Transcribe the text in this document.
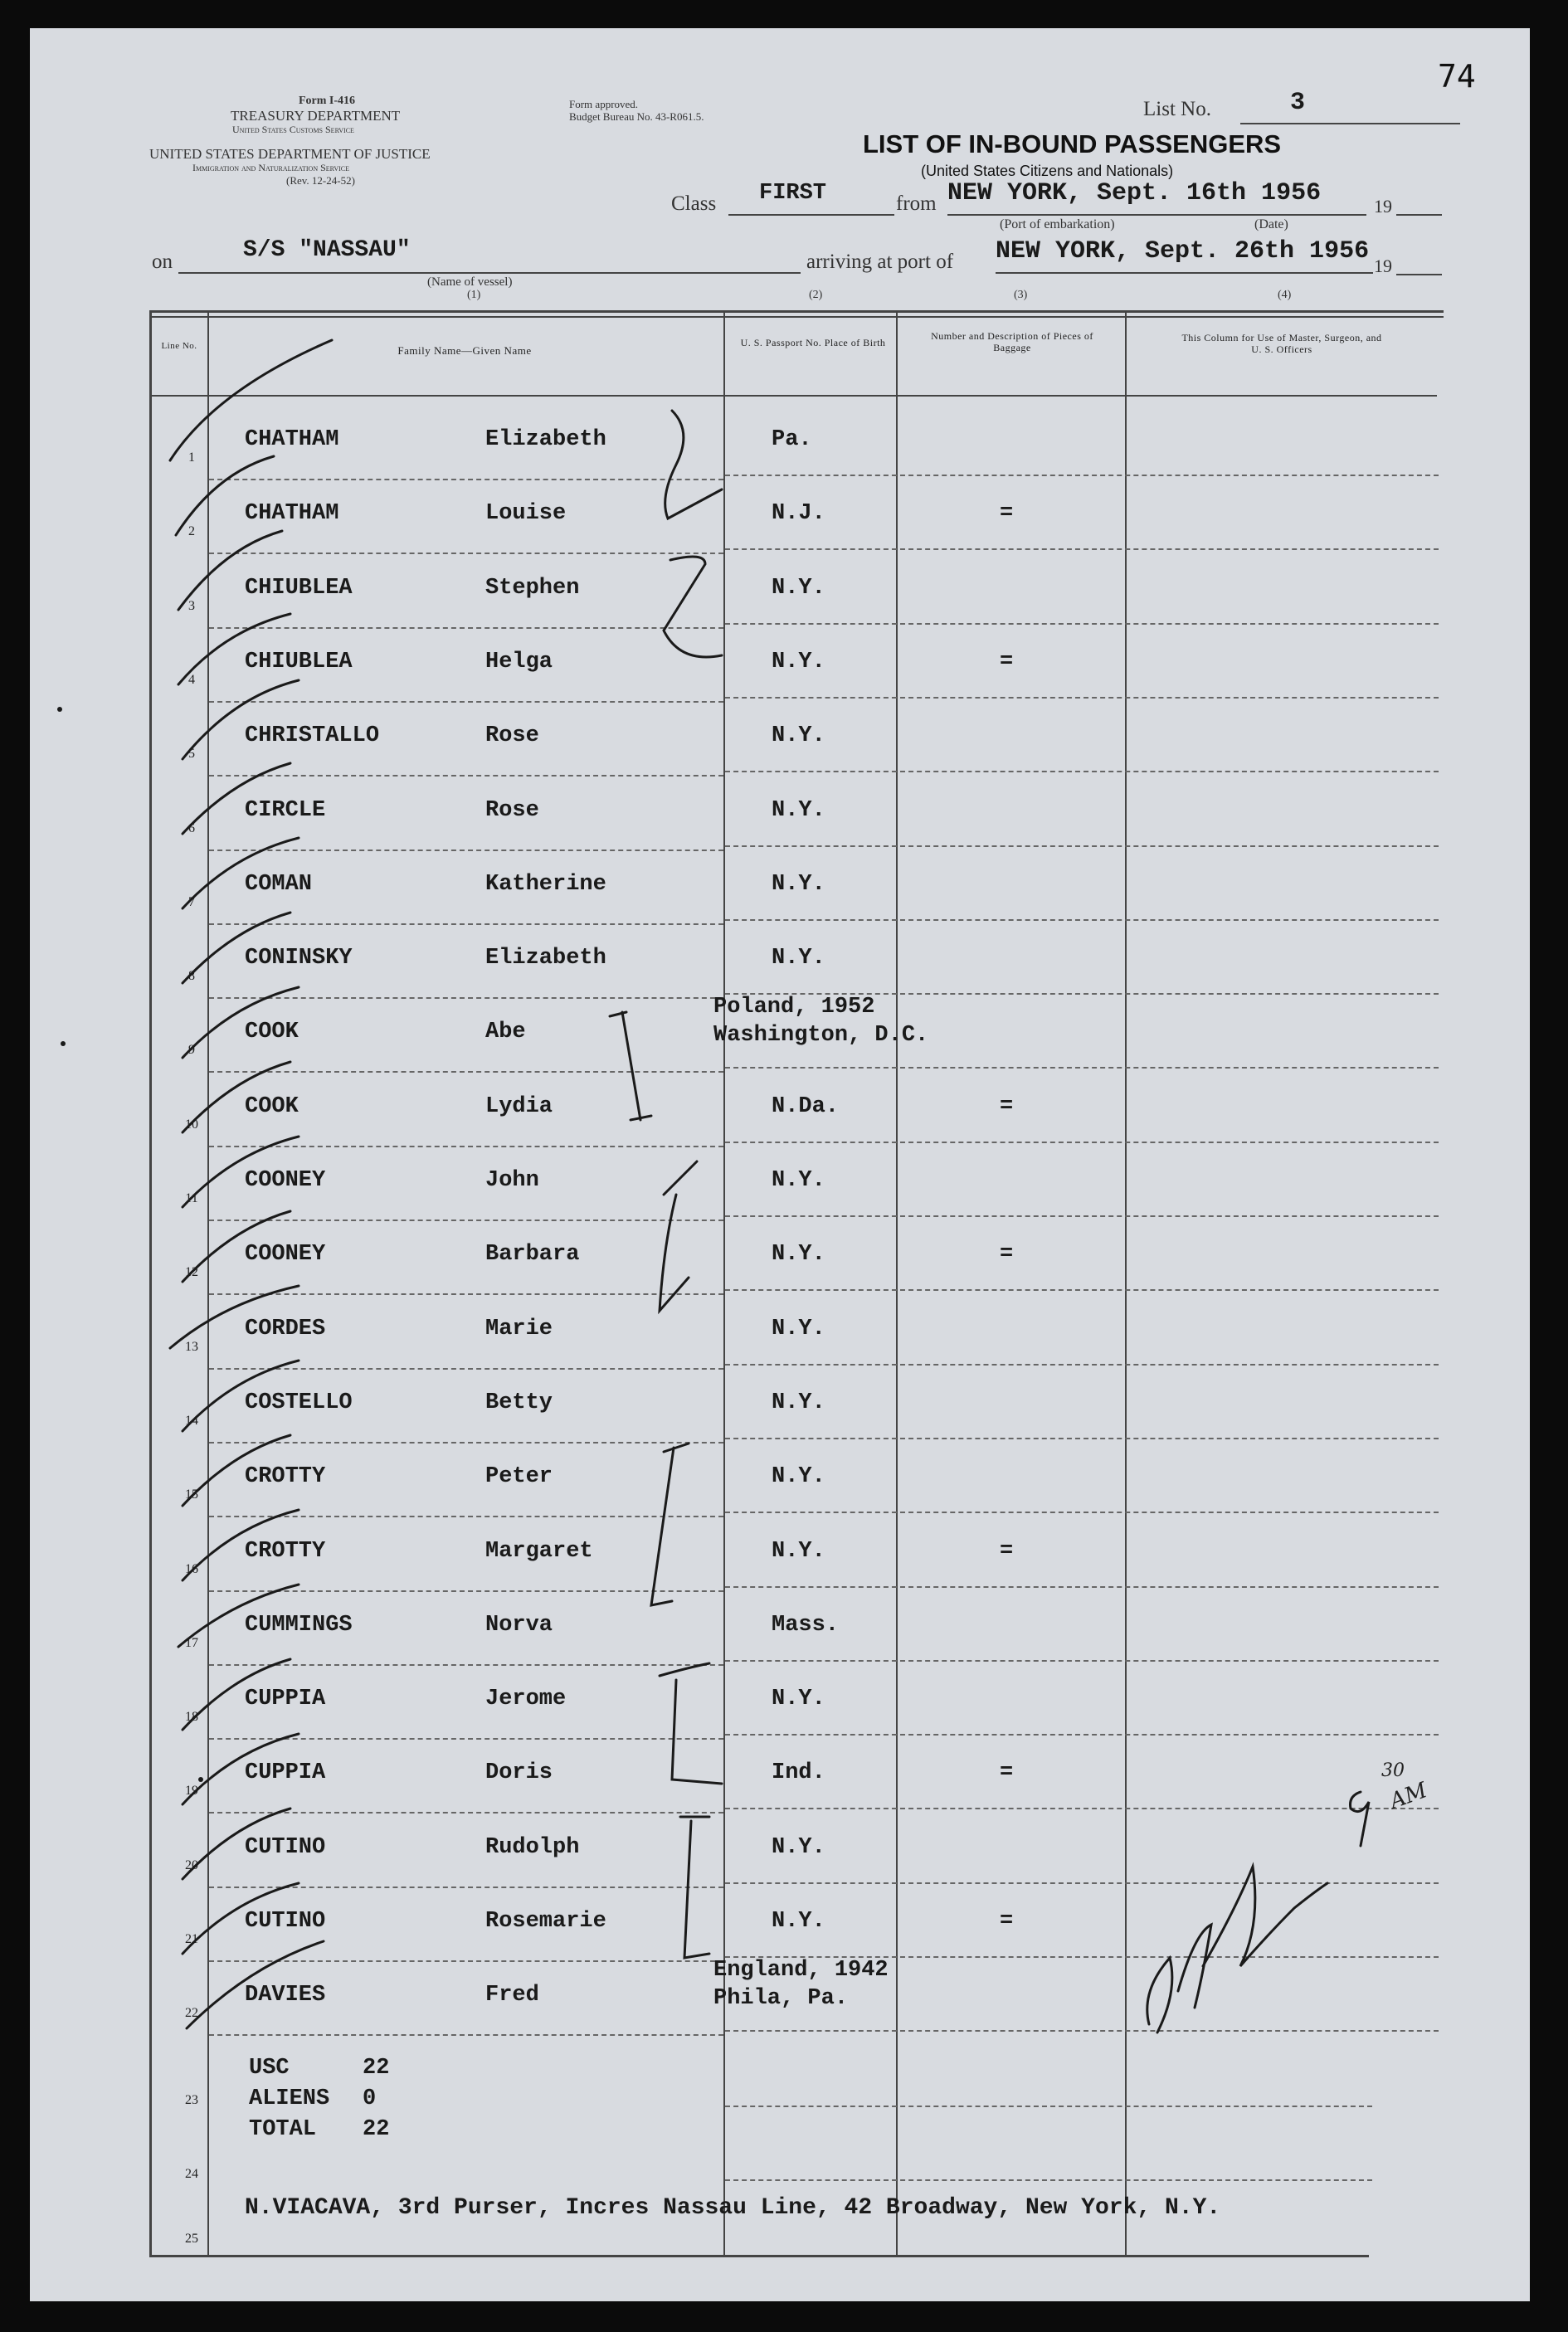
74
Form I-416
TREASURY DEPARTMENT
United States Customs Service
UNITED STATES DEPARTMENT OF JUSTICE
Immigration and Naturalization Service
(Rev. 12-24-52)
Form approved.
Budget Bureau No. 43-R061.5.	List No.	3
LIST OF IN-BOUND PASSENGERS
(United States Citizens and Nationals)
Class FIRST	from NEW YORK, Sept. 16th 1956	19
(Port of embarkation)	(Date)
on	S/S "NASSAU"
(Name of vessel)
(1)
arriving at port of NEW YORK, Sept. 26th 1956
19
(2)	(3)	(4)
Line No.	Family Name—Given Name
U. S. Passport No. Place of Birth
Number and Description of Pieces of Baggage
This Column for Use of Master, Surgeon, and U. S. Officers
1
CHATHAM	Elizabeth	Pa.
2
CHATHAM	Louise	N.J.	=
3
CHIUBLEA	Stephen	N.Y.
4
CHIUBLEA	Helga	N.Y.	=
5
CHRISTALLO	Rose	N.Y.
6
CIRCLE	Rose	N.Y.
7
COMAN	Katherine	N.Y.
8
CONINSKY	Elizabeth	N.Y.
9
COOK	Abe	Washington, D.C.
Poland, 1952
10
COOK	Lydia	N.Da.	=
11
COONEY	John	N.Y.
12
COONEY	Barbara	N.Y.	=
13
CORDES	Marie	N.Y.
14
COSTELLO	Betty	N.Y.
15
CROTTY	Peter	N.Y.
16
CROTTY	Margaret	N.Y.	=
17
CUMMINGS	Norva	Mass.
18
CUPPIA	Jerome	N.Y.
19
CUPPIA	Doris	Ind.	=
20
CUTINO	Rudolph	N.Y.
21
CUTINO	Rosemarie	N.Y.	=
22
DAVIES	Fred	Phila, Pa.
England, 1942
USC	22
ALIENS 0
TOTAL 22
23
24
25
N.VIACAVA, 3rd Purser, Incres Nassau Line, 42 Broadway, New York, N.Y.
30
AM
